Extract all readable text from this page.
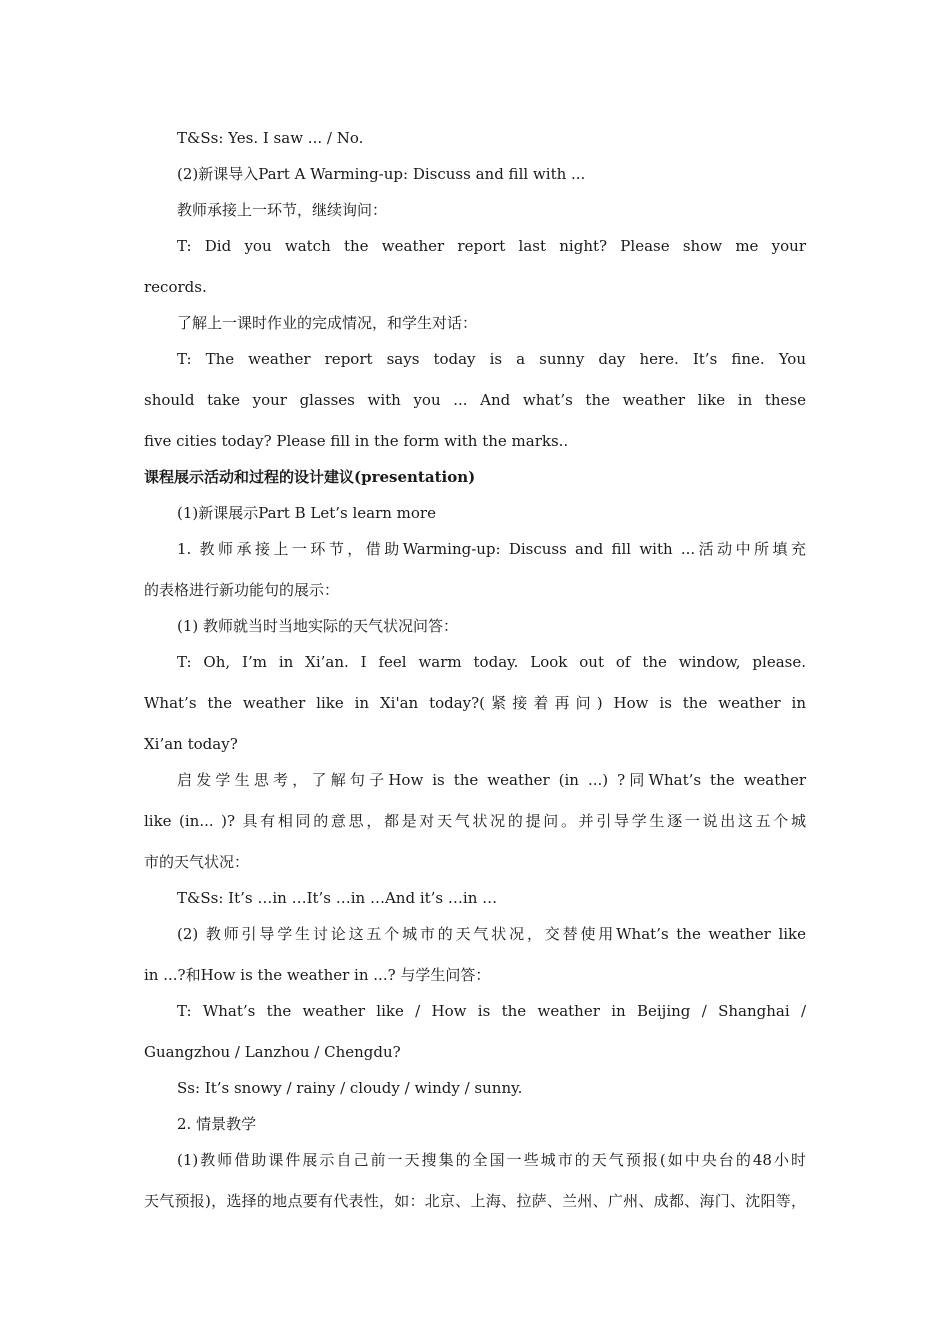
T&Ss: Yes. I saw ... / No.
(2)新课导入Part A Warming-up: Discuss and fill with ...
教师承接上一环节，继续询问：
T: Did you watch the weather report last night? Please show me your
records.
了解上一课时作业的完成情况，和学生对话：
T: The weather report says today is a sunny day here. It’s fine. You
should take your glasses with you ... And what’s the weather like in these
five cities today? Please fill in the form with the marks..
课程展示活动和过程的设计建议(presentation)
(1)新课展示Part B Let’s learn more
1. 教师承接上一环节，借助Warming-up: Discuss and fill with ...活动中所填充
的表格进行新功能句的展示：
(1) 教师就当时当地实际的天气状况问答：
T: Oh, I’m in Xi’an. I feel warm today. Look out of the window, please.
What’s the weather like in Xi'an today?(紧接着再问) How is the weather in
Xi’an today?
启发学生思考，了解句子How is the weather (in ...) ?同What’s the weather
like (in... )? 具有相同的意思，都是对天气状况的提问。并引导学生逐一说出这五个城
市的天气状况：
T&Ss: It’s …in …It’s …in …And it’s …in …
(2) 教师引导学生讨论这五个城市的天气状况，交替使用What’s the weather like
in ...?和How is the weather in ...? 与学生问答：
T: What’s the weather like / How is the weather in Beijing / Shanghai /
Guangzhou / Lanzhou / Chengdu?
Ss: It’s snowy / rainy / cloudy / windy / sunny.
2. 情景教学
(1)教师借助课件展示自己前一天搜集的全国一些城市的天气预报(如中央台的48小时
天气预报)，选择的地点要有代表性，如：北京、上海、拉萨、兰州、广州、成都、海门、沈阳等，
